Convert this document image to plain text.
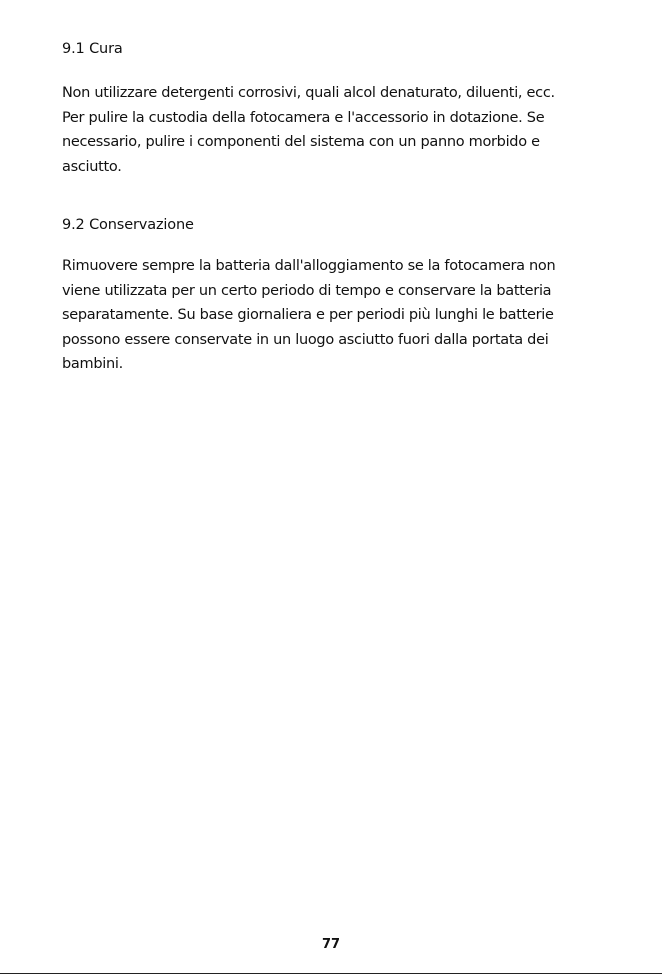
9.1 Cura

Non utilizzare detergenti corrosivi, quali alcol denaturato, diluenti, ecc.
Per pulire la custodia della fotocamera e l'accessorio in dotazione. Se
necessario, pulire i componenti del sistema con un panno morbido e
asciutto.

9.2 Conservazione

Rimuovere sempre la batteria dall'alloggiamento se la fotocamera non
viene utilizzata per un certo periodo di tempo e conservare la batteria
separatamente. Su base giornaliera e per periodi più lunghi le batterie
possono essere conservate in un luogo asciutto fuori dalla portata dei
bambini.

77
